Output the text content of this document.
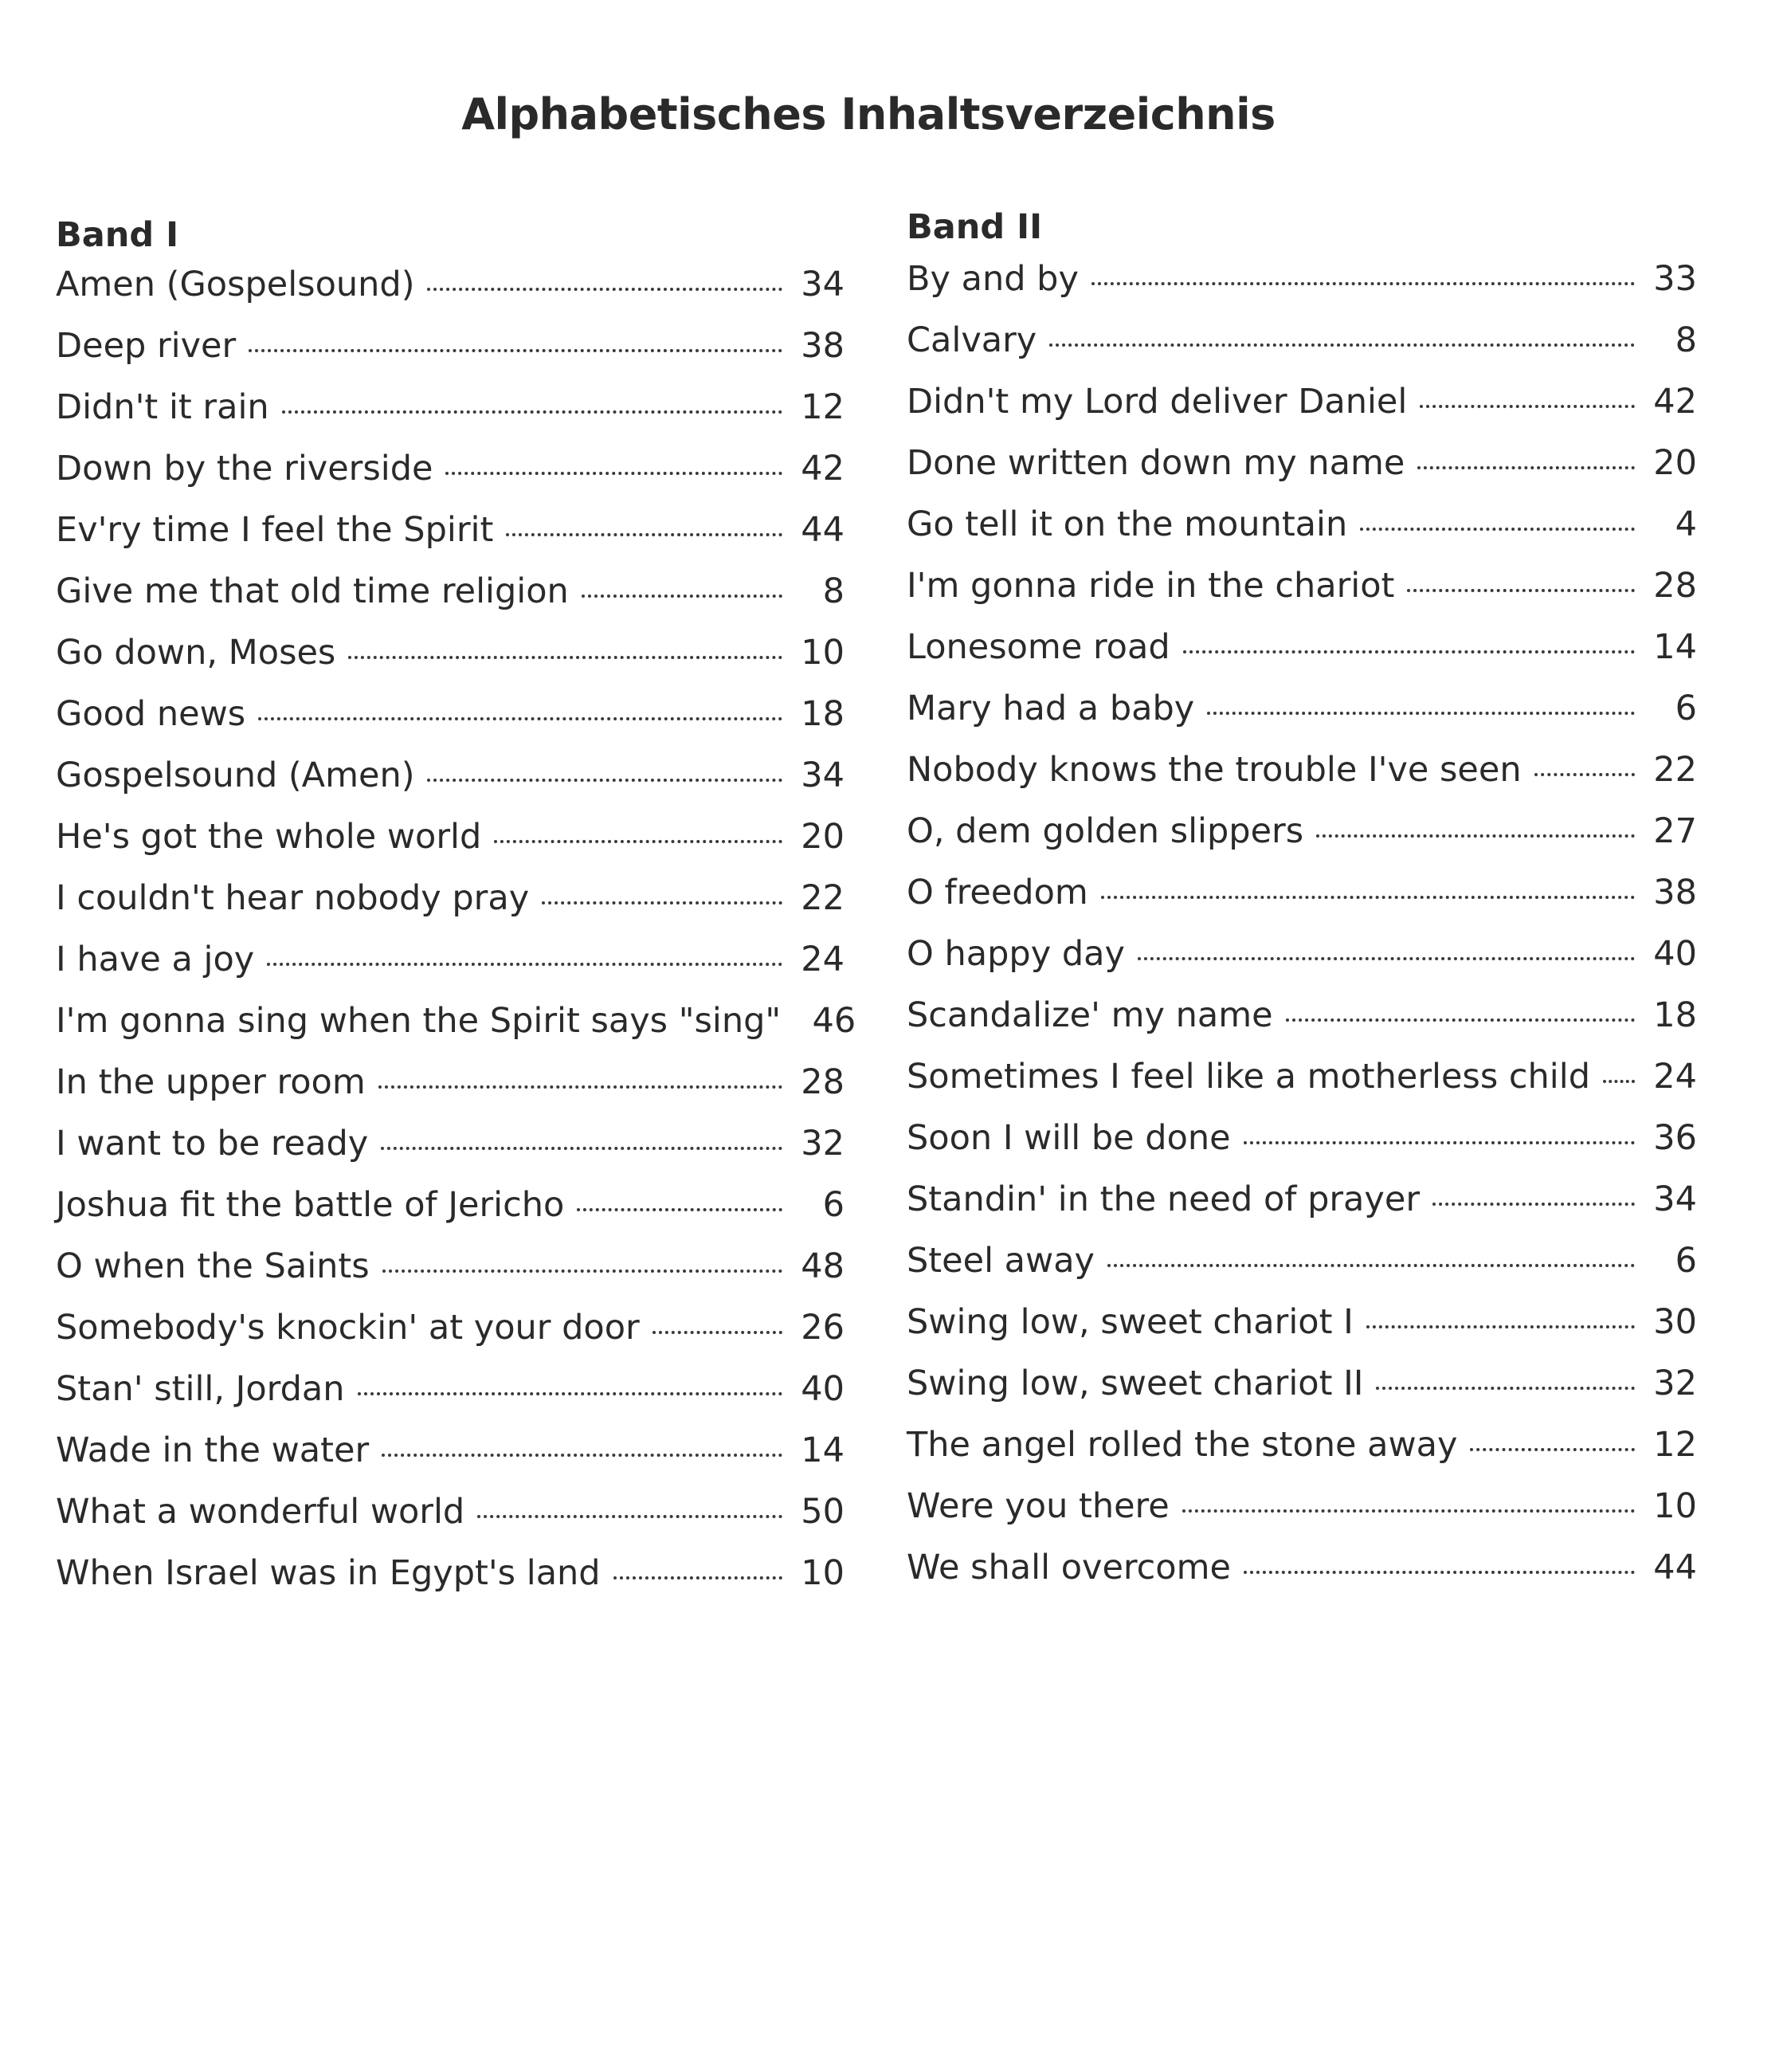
Alphabetisches Inhaltsverzeichnis
Band I
Amen (Gospelsound)	34
Deep river	38
Didn't it rain	12
Down by the riverside	42
Ev'ry time I feel the Spirit	44
Give me that old time religion	8
Go down, Moses	10
Good news	18
Gospelsound (Amen)	34
He's got the whole world	20
I couldn't hear nobody pray	22
I have a joy	24
I'm gonna sing when the Spirit says "sing" 46
In the upper room	28
I want to be ready	32
Joshua fit the battle of Jericho	6
O when the Saints	48
Somebody's knockin' at your door	26
Stan' still, Jordan	40
Wade in the water	14
What a wonderful world	50
When Israel was in Egypt's land	10
Band II
By and by	33
Calvary	8
Didn't my Lord deliver Daniel	42
Done written down my name	20
Go tell it on the mountain	4
I'm gonna ride in the chariot	28
Lonesome road	14
Mary had a baby	6
Nobody knows the trouble I've seen	22
O, dem golden slippers	27
O freedom	38
O happy day	40
Scandalize' my name	18
Sometimes I feel like a motherless child	24
Soon I will be done	36
Standin' in the need of prayer	34
Steel away	6
Swing low, sweet chariot I	30
Swing low, sweet chariot II	32
The angel rolled the stone away	12
Were you there	10
We shall overcome	44
